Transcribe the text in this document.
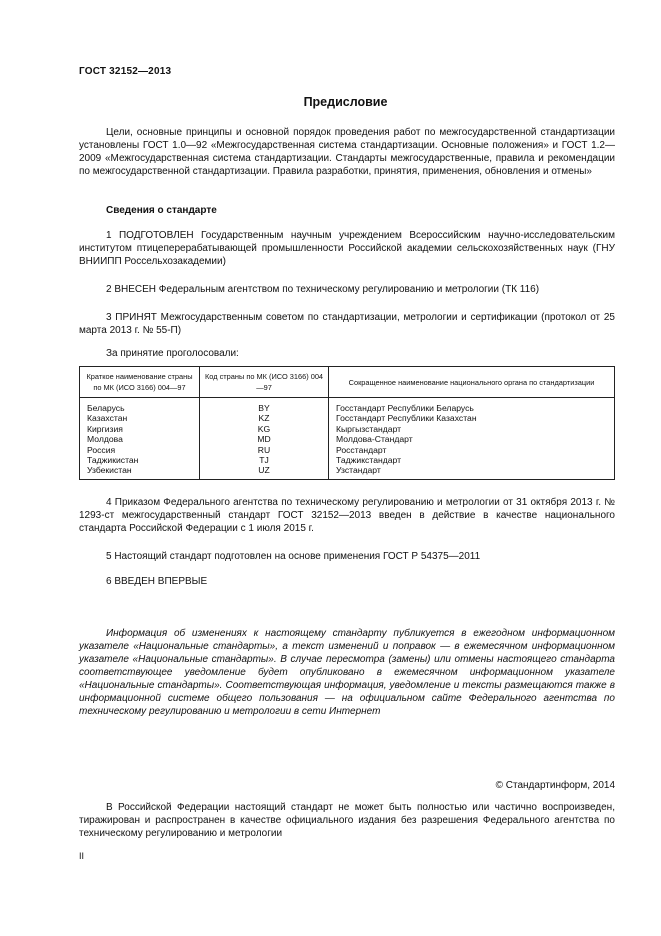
ГОСТ 32152—2013
Предисловие

Цели, основные принципы и основной порядок проведения работ по межгосударственной стандартизации установлены ГОСТ 1.0—92 «Межгосударственная система стандартизации. Основные положения» и ГОСТ 1.2—2009 «Межгосударственная система стандартизации. Стандарты межгосударственные, правила и рекомендации по межгосударственной стандартизации. Правила разработки, принятия, применения, обновления и отмены»

Сведения о стандарте

1 ПОДГОТОВЛЕН Государственным научным учреждением Всероссийским научно-исследовательским институтом птицеперерабатывающей промышленности Российской академии сельскохозяйственных наук (ГНУ ВНИИПП Россельхозакадемии)

2 ВНЕСЕН Федеральным агентством по техническому регулированию и метрологии (ТК 116)

3 ПРИНЯТ Межгосударственным советом по стандартизации, метрологии и сертификации (протокол от 25 марта 2013 г. № 55-П)

За принятие проголосовали:
Краткое наименование страны по МК (ИСО 3166) 004—97	Код страны по МК (ИСО 3166) 004—97	Сокращенное наименование национального органа по стандартизации
Беларусь	BY	Госстандарт Республики Беларусь
Казахстан	KZ	Госстандарт Республики Казахстан
Киргизия	KG	Кыргызстандарт
Молдова	MD	Молдова-Стандарт
Россия	RU	Росстандарт
Таджикистан	TJ	Таджикстандарт
Узбекистан	UZ	Узстандарт

4 Приказом Федерального агентства по техническому регулированию и метрологии от 31 октября 2013 г. № 1293-ст межгосударственный стандарт ГОСТ 32152—2013 введен в действие в качестве национального стандарта Российской Федерации с 1 июля 2015 г.

5 Настоящий стандарт подготовлен на основе применения ГОСТ Р 54375—2011

6 ВВЕДЕН ВПЕРВЫЕ

Информация об изменениях к настоящему стандарту публикуется в ежегодном информационном указателе «Национальные стандарты», а текст изменений и поправок — в ежемесячном информационном указателе «Национальные стандарты». В случае пересмотра (замены) или отмены настоящего стандарта соответствующее уведомление будет опубликовано в ежемесячном информационном указателе «Национальные стандарты». Соответствующая информация, уведомление и тексты размещаются также в информационной системе общего пользования — на официальном сайте Федерального агентства по техническому регулированию и метрологии в сети Интернет

© Стандартинформ, 2014

В Российской Федерации настоящий стандарт не может быть полностью или частично воспроизведен, тиражирован и распространен в качестве официального издания без разрешения Федерального агентства по техническому регулированию и метрологии

II
